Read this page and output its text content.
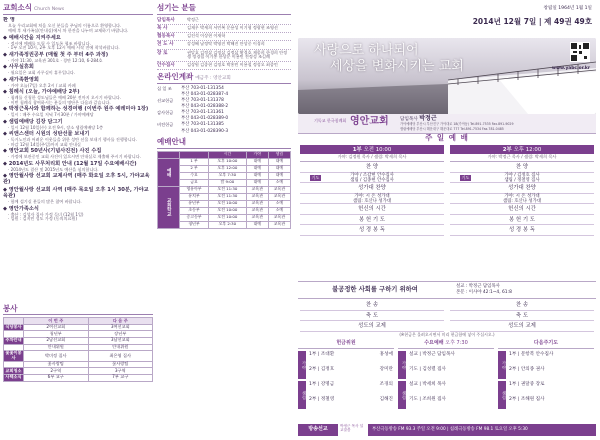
교회소식 Church News
환 영
오늘 우리교회에 처음 오신 분들을 주님의 이름으로 환영합니다.
예배 후 새가족실(안내실)에서 차 한잔을 나누며 교제하기 바랍니다.
◆ 예배시간을 지켜주세요
· 정시에 예배를 드릴 수 있도록 협조 바랍니다.
· 1부 오전 10시, 2부 오후 12시 예배 시작 전에 착석바랍니다.
◆ 새가족정권공부 (매월 첫 주 부터 4주 과정)
· 가야 11:30, 교육관 301호 · 경만 12:10, 6-284호
◆ 사무실휴회
· 월요일은 교회 사무실이 휴무입니다.
◆ 새가족환영회
· 가야 오늘(7일) 오후 2시 / 교회 카페
◆ 침례식 (오늘, 가야예배당 2부)
· 침례를 신청한 성도님들은 예배 20분 전까지 오시기 바랍니다.
· 이번 침례식 참여하시는 분들의 명단은 다음과 같습니다.
◆ 박정근목사와 함께하는 성경여행 (이번주 원주 예레미야 1장)
· 일시 : 매주 수요일 저녁 7시30분 / 가야예배당
◆ 샘림예배당 김장 담그기
· 일시 12월 10일(수) 오전 9시, 장소 샘림예배당 1층
◆ 씨앤스센터 시원의 성탄선물 보내기
· 독거노인과 어려운 이웃들을 위한 성탄 선물 보내기 행사를 진행합니다.
· 마감 12월 14일(주일)까지 교회 안내실
◆ 영안교회 50년사(기념사진전) 사진 수집
· 가정에 보관중인 교회 사진이 있으시면 안내실로 제출해 주시기 바랍니다.
◆ 2014년도 사무처리회 안내 (12월 17일 수요예배시간)
· 2014년도 결산 및 2015년도 예산을 심의합니다.
◆ 영안월사랑 선교회 교제사역 (매주 화요일 오후 5시, 가야교육관)
◆ 영안월사랑 선교회 사역 (매주 목요일 오후 1시 30분, 가야교육관)
· 함께 섬기실 분들의 많은 참여 바랍니다.
◆ 영안가족소식
· 출산 : 김성자 집사 가정 득녀 (12월 1일)
· 입원 : 김지민 성도 가정 (동의의료원)
봉사
	이 번 주	다 음 주
식당봉사	2여선교회	3여선교회
	청년부	장년부
주차안내	2남선교회	3남선교회
	안내위원	안내위원
꽃꽃이봉사	박미정 집사	최은영 집사
	꽃사랑팀	꽃사랑팀
교회청소	2구역	3구역
사택소식	6부 교구	7부 교구
섬기는 분들
담임목사	박정근
목 사	김재우 박세희 서민복 문용성 이기형 정광현 조영선
협동목사	김진석 이상현 이재학
전 도 사	강성혜 남정탁 박영진 박해진 안상중 이경희
장 로	권달호 김정삼 김정삼 김정삼 황경호 제종희 한경희 안정생 정경철 이기봉 한상문 이용민 전정성 조길례
안수집사	김상원 김종현 김정호 박홍민 이용철 정성오 최종언
온라인계좌 예금주 : 영안교회
십 일 조	부산 703-01-131354
부산 043-01-028387-4
선교헌금	부산 703-01-131378
부산 043-01-028388-2
감사헌금	부산 703-01-131361
부산 043-01-028389-0
비전헌금	부산 703-01-131385
부산 043-01-028390-3
예배안내
		시간	가야	샘림
예배	1 부	오후 10:00	대예	대예
	2 부	오후 12:00	대예	대예
	수요	오후 7:30	대예	대예
	금요	밤 9:00	대예	소예
교회학교	영유아부	오전 11:30	교육관	교육관
	유치부	오전 11:30	교육관	교육관
	유년부	오전 10:00	교육관	소예
	초등부	오전 10:00	교육관	소예
	중고등부	오전 10:00	교육관	교육관
	청년부	오후 2:30	대예	교육관
창립일 1964년 1월 1일
2014년 12월 7일 | 제 49권 49호
사랑으로 하나되어
세상을 변화시키는 교회	www.yabc.or.kr
기독교 한국침례회 영안교회 담임목사 박정근
가야예배당 부산시 부산진구 가야대로 18(가야동) Tel.891-7535 Fax.891-9029
샘림예배당 부산시 해운대구 해운대로 777 Tel.891-7534 Fax.781-0485
주 일 예 배
1부 오전 10:00
가야: 김정원 목사 / 샘림: 박세희 목사
찬 양
기도	가야 / 조갑현 안수집사
샘림 / 김종현 안수집사
성가대 찬양
가야: 시 온 성가대
샘림: 호산나 성가대
헌신의 시간
봉 헌 기 도
성 경 봉 독
2부 오후 12:00
가야: 박정근 목사 / 샘림: 박세희 목사
찬 양
기도	가야 / 김정호 집사
샘림 / 정철영 집사
성가대 찬양
가야: 시 온 성가대
샘림: 호산나 성가대
헌신의 시간
봉 헌 기 도
성 경 봉 독
불공정한 사회를 구하기 위하여	설교 : 박정근 담임목사
본문 : 이사야 42:1~4, 61:8
찬 송
축 도
성도의 교제
찬 송
축 도
성도의 교제
(※현금은 올려오시면서 미리 현금함에 넣어 주십시오.)
헌금위원
가야
샘림
1부 | 조대환	홍성애
2부 | 김정호	강미란
1부 | 강명금	조경의
2부 | 정철영	김해진
수요예배 오후 7:30
가야
샘림
설교 | 박정근 담임목사
기도 | 김성렬 집사
설교 | 박세희 목사
기도 | 조희원 집사
다음주기도
가야
샘림
1부 | 문항복 안수집사
2부 | 안의종 권사
1부 | 권달중 장로
2부 | 조해원 집사
방송선교
박정근 목사 설교말씀	부산극동방송 FM 93.3 주일 오전 9:00 | 침례극동방송 FM 98.1 토요일 오후 5:30
